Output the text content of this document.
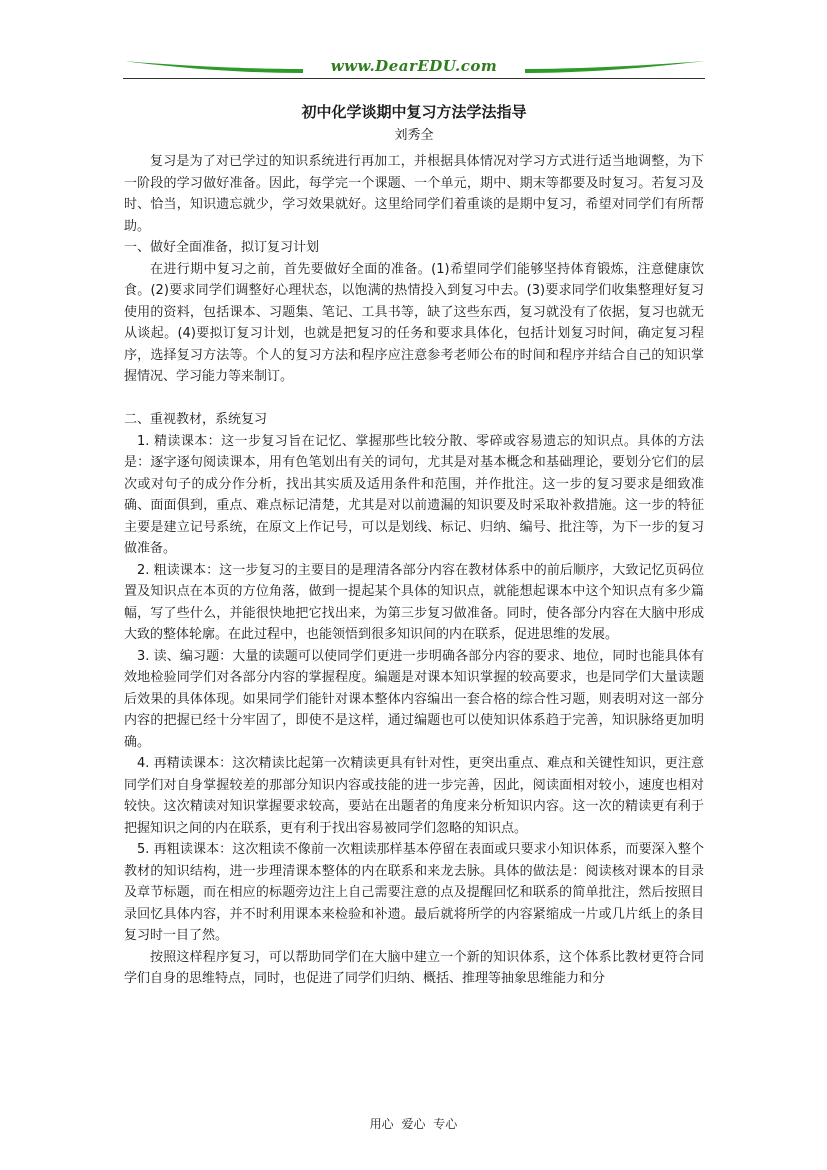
www.DearEDU.com
初中化学谈期中复习方法学法指导
刘秀全

复习是为了对已学过的知识系统进行再加工，并根据具体情况对学习方式进行适当地调整，为下一阶段的学习做好准备。因此，每学完一个课题、一个单元，期中、期末等都要及时复习。若复习及时、恰当，知识遗忘就少，学习效果就好。这里给同学们着重谈的是期中复习，希望对同学们有所帮助。

一、做好全面准备，拟订复习计划

在进行期中复习之前，首先要做好全面的准备。(1)希望同学们能够坚持体育锻炼，注意健康饮食。(2)要求同学们调整好心理状态，以饱满的热情投入到复习中去。(3)要求同学们收集整理好复习使用的资料，包括课本、习题集、笔记、工具书等，缺了这些东西，复习就没有了依据，复习也就无从谈起。(4)要拟订复习计划，也就是把复习的任务和要求具体化，包括计划复习时间，确定复习程序，选择复习方法等。个人的复习方法和程序应注意参考老师公布的时间和程序并结合自己的知识掌握情况、学习能力等来制订。

二、重视教材，系统复习

1. 精读课本：这一步复习旨在记忆、掌握那些比较分散、零碎或容易遗忘的知识点。具体的方法是：逐字逐句阅读课本，用有色笔划出有关的词句，尤其是对基本概念和基础理论，要划分它们的层次或对句子的成分作分析，找出其实质及适用条件和范围，并作批注。这一步的复习要求是细致准确、面面俱到，重点、难点标记清楚，尤其是对以前遗漏的知识要及时采取补救措施。这一步的特征主要是建立记号系统，在原文上作记号，可以是划线、标记、归纳、编号、批注等，为下一步的复习做准备。

2. 粗读课本：这一步复习的主要目的是理清各部分内容在教材体系中的前后顺序，大致记忆页码位置及知识点在本页的方位角落，做到一提起某个具体的知识点，就能想起课本中这个知识点有多少篇幅，写了些什么，并能很快地把它找出来，为第三步复习做准备。同时，使各部分内容在大脑中形成大致的整体轮廓。在此过程中，也能领悟到很多知识间的内在联系，促进思维的发展。

3. 读、编习题：大量的读题可以使同学们更进一步明确各部分内容的要求、地位，同时也能具体有效地检验同学们对各部分内容的掌握程度。编题是对课本知识掌握的较高要求，也是同学们大量读题后效果的具体体现。如果同学们能针对课本整体内容编出一套合格的综合性习题，则表明对这一部分内容的把握已经十分牢固了，即使不是这样，通过编题也可以使知识体系趋于完善，知识脉络更加明确。

4. 再精读课本：这次精读比起第一次精读更具有针对性，更突出重点、难点和关键性知识，更注意同学们对自身掌握较差的那部分知识内容或技能的进一步完善，因此，阅读面相对较小，速度也相对较快。这次精读对知识掌握要求较高，要站在出题者的角度来分析知识内容。这一次的精读更有利于把握知识之间的内在联系，更有利于找出容易被同学们忽略的知识点。

5. 再粗读课本：这次粗读不像前一次粗读那样基本停留在表面或只要求小知识体系，而要深入整个教材的知识结构，进一步理清课本整体的内在联系和来龙去脉。具体的做法是：阅读核对课本的目录及章节标题，而在相应的标题旁边注上自己需要注意的点及提醒回忆和联系的简单批注，然后按照目录回忆具体内容，并不时利用课本来检验和补遗。最后就将所学的内容紧缩成一片或几片纸上的条目复习时一目了然。

按照这样程序复习，可以帮助同学们在大脑中建立一个新的知识体系，这个体系比教材更符合同学们自身的思维特点，同时，也促进了同学们归纳、概括、推理等抽象思维能力和分

用心 爱心 专心
